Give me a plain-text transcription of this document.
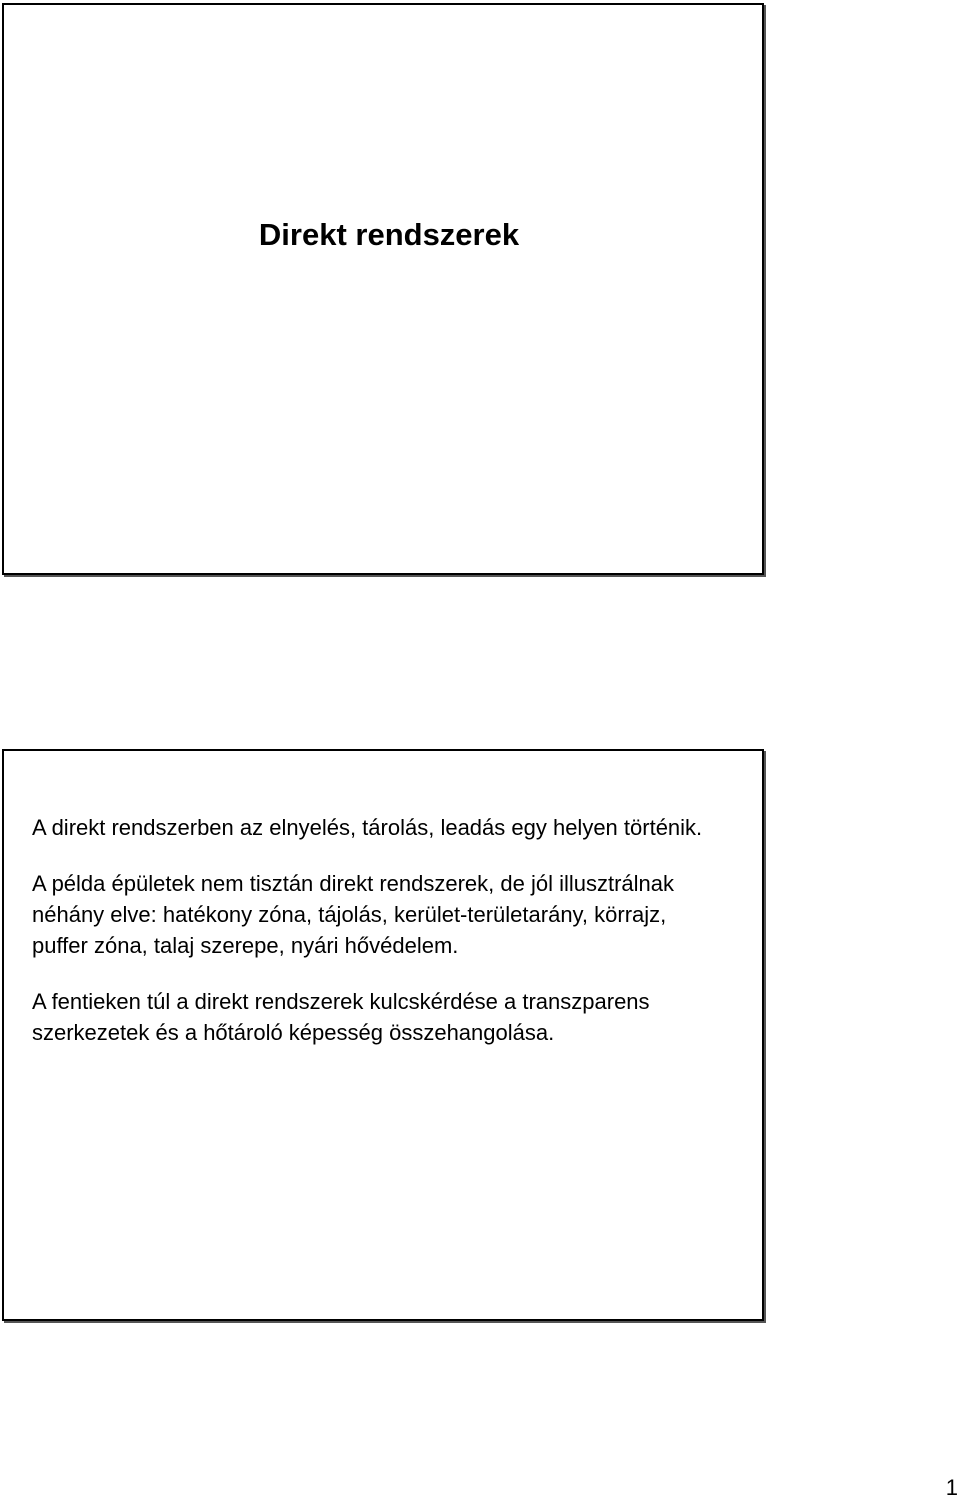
Direkt rendszerek

A direkt rendszerben az elnyelés, tárolás, leadás egy helyen történik.

A példa épületek nem tisztán direkt rendszerek, de jól illusztrálnak néhány elve: hatékony zóna, tájolás, kerület-területarány, körrajz, puffer zóna, talaj szerepe, nyári hővédelem.

A fentieken túl a direkt rendszerek kulcskérdése a transzparens szerkezetek és a hőtároló képesség összehangolása.

1
